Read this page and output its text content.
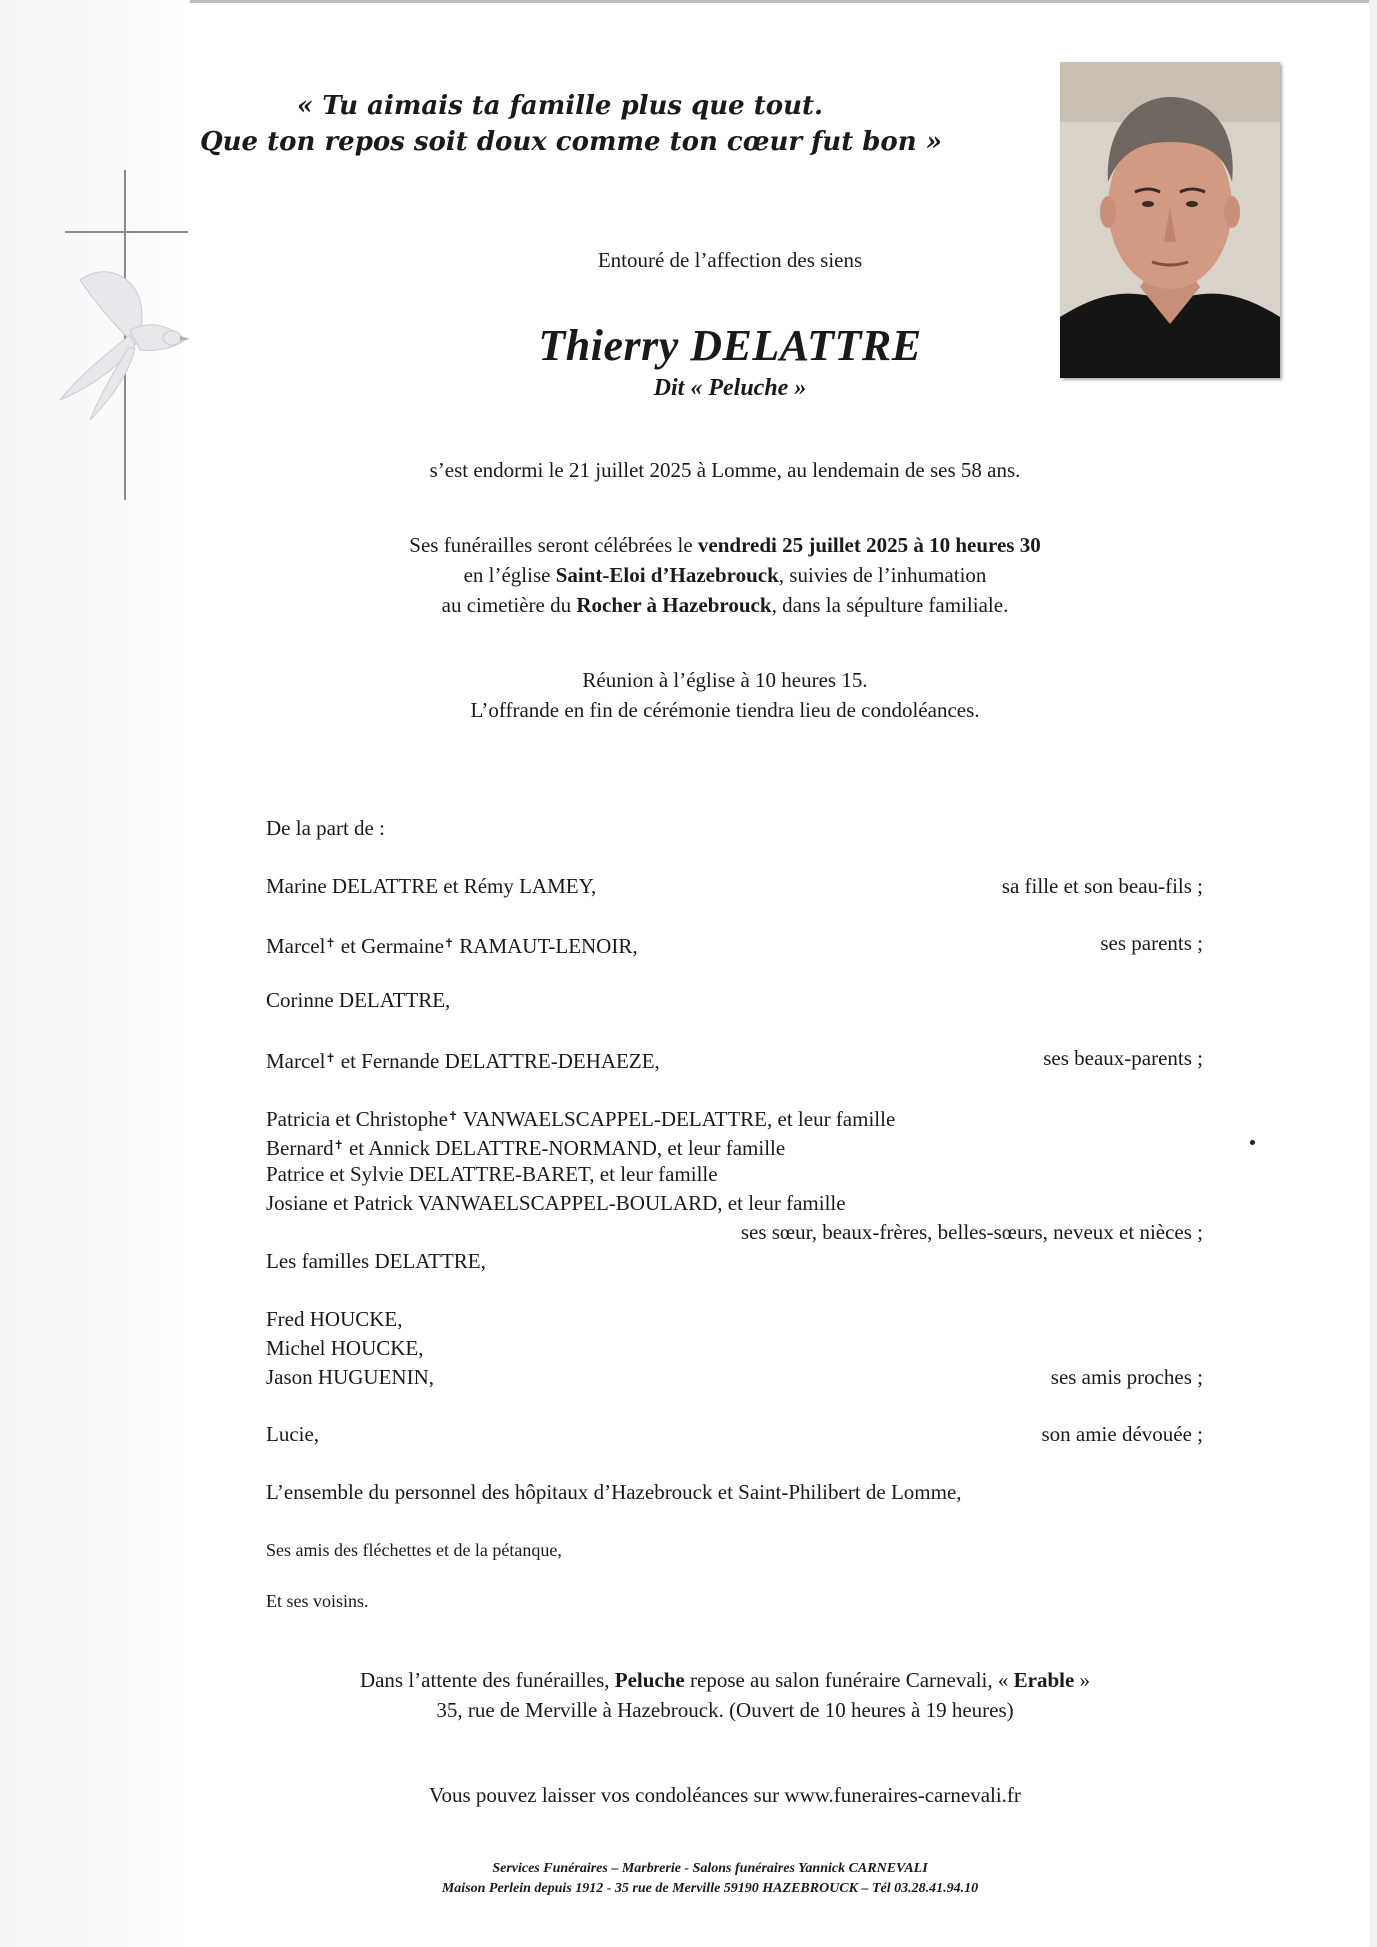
« Tu aimais ta famille plus que tout.
Que ton repos soit doux comme ton cœur fut bon »
Entouré de l’affection des siens
Thierry DELATTRE
Dit « Peluche »
s’est endormi le 21 juillet 2025 à Lomme, au lendemain de ses 58 ans.
Ses funérailles seront célébrées le vendredi 25 juillet 2025 à 10 heures 30
en l’église Saint-Eloi d’Hazebrouck, suivies de l’inhumation
au cimetière du Rocher à Hazebrouck, dans la sépulture familiale.
Réunion à l’église à 10 heures 15.
L’offrande en fin de cérémonie tiendra lieu de condoléances.
De la part de :
Marine DELATTRE et Rémy LAMEY,	sa fille et son beau-fils ;
Marcel✝ et Germaine✝ RAMAUT-LENOIR,	ses parents ;
Corinne DELATTRE,
Marcel✝ et Fernande DELATTRE-DEHAEZE,	ses beaux-parents ;
Patricia et Christophe✝ VANWAELSCAPPEL-DELATTRE, et leur famille
Bernard✝ et Annick DELATTRE-NORMAND, et leur famille
Patrice et Sylvie DELATTRE-BARET, et leur famille
Josiane et Patrick VANWAELSCAPPEL-BOULARD, et leur famille
ses sœur, beaux-frères, belles-sœurs, neveux et nièces ;
Les familles DELATTRE,
Fred HOUCKE,
Michel HOUCKE,
Jason HUGUENIN,	ses amis proches ;
Lucie,	son amie dévouée ;
L’ensemble du personnel des hôpitaux d’Hazebrouck et Saint-Philibert de Lomme,
Ses amis des fléchettes et de la pétanque,
Et ses voisins.
Dans l’attente des funérailles, Peluche repose au salon funéraire Carnevali, « Erable »
35, rue de Merville à Hazebrouck. (Ouvert de 10 heures à 19 heures)
Vous pouvez laisser vos condoléances sur www.funeraires-carnevali.fr
Services Funéraires – Marbrerie - Salons funéraires Yannick CARNEVALI
Maison Perlein depuis 1912 - 35 rue de Merville 59190 HAZEBROUCK – Tél 03.28.41.94.10
